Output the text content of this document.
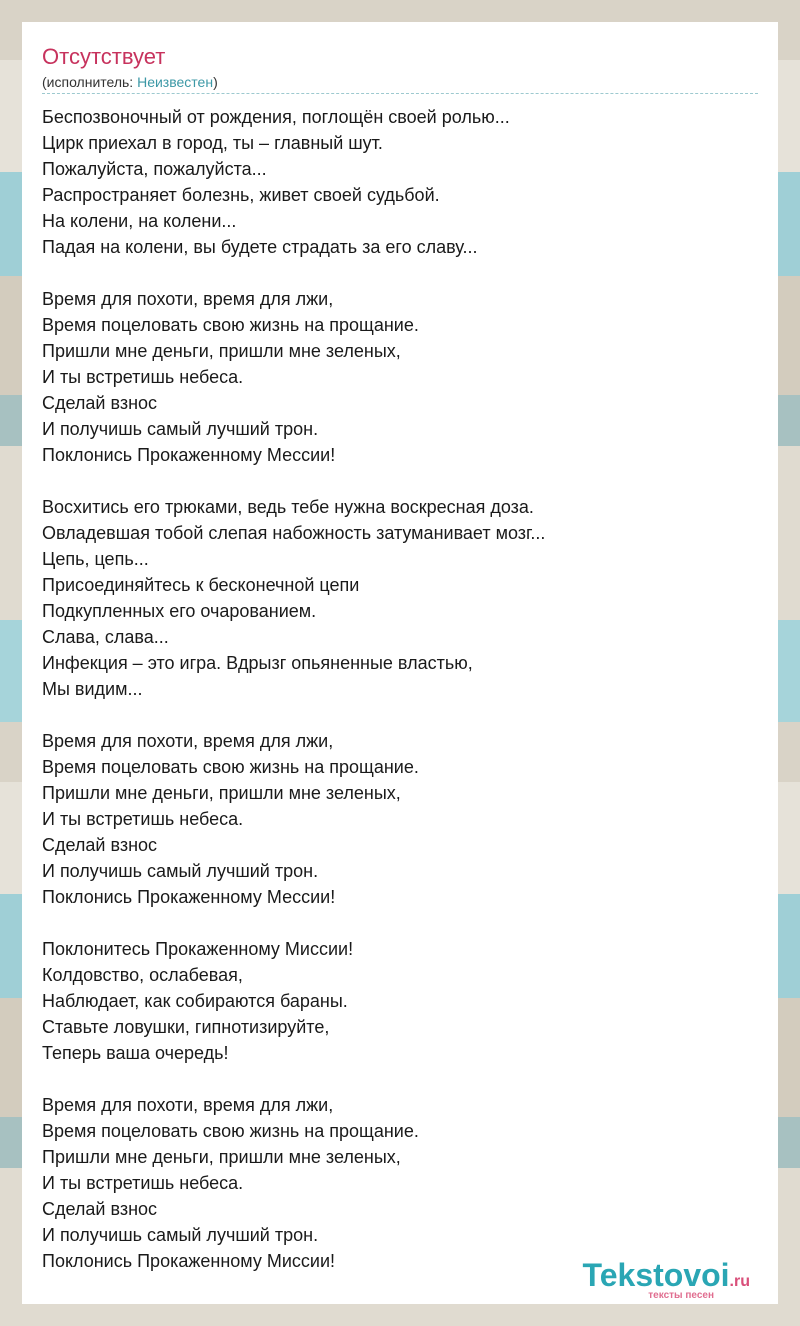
Отсутствует
(исполнитель: Неизвестен)
Беспозвоночный от рождения, поглощён своей ролью...
Цирк приехал в город, ты – главный шут.
Пожалуйста, пожалуйста...
Распространяет болезнь, живет своей судьбой.
На колени, на колени...
Падая на колени, вы будете страдать за его славу...
Время для похоти, время для лжи,
Время поцеловать свою жизнь на прощание.
Пришли мне деньги, пришли мне зеленых,
И ты встретишь небеса.
Сделай взнос
И получишь самый лучший трон.
Поклонись Прокаженному Мессии!
Восхитись его трюками, ведь тебе нужна воскресная доза.
Овладевшая тобой слепая набожность затуманивает мозг...
Цепь, цепь...
Присоединяйтесь к бесконечной цепи
Подкупленных его очарованием.
Слава, слава...
Инфекция – это игра. Вдрызг опьяненные властью,
Мы видим...
Время для похоти, время для лжи,
Время поцеловать свою жизнь на прощание.
Пришли мне деньги, пришли мне зеленых,
И ты встретишь небеса.
Сделай взнос
И получишь самый лучший трон.
Поклонись Прокаженному Мессии!
Поклонитесь Прокаженному Миссии!
Колдовство, ослабевая,
Наблюдает, как собираются бараны.
Ставьте ловушки, гипнотизируйте,
Теперь ваша очередь!
Время для похоти, время для лжи,
Время поцеловать свою жизнь на прощание.
Пришли мне деньги, пришли мне зеленых,
И ты встретишь небеса.
Сделай взнос
И получишь самый лучший трон.
Поклонись Прокаженному Миссии!	Tekstovoi.ru
тексты песен
